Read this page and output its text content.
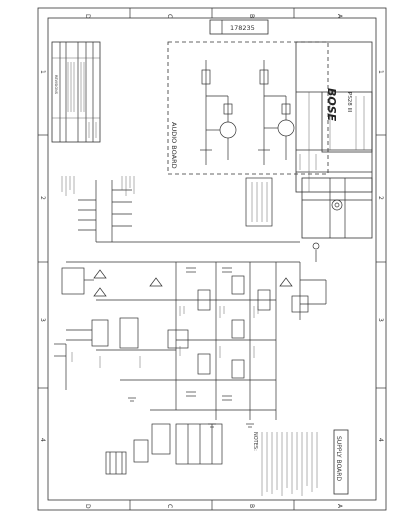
D	C	B	A
D	C	B	A
4
3
2
1
4
3
2
1
178235
REVISIONS
AUDIO BOARD
BOSE PS28 III
NOTES:	SUPPLY BOARD
